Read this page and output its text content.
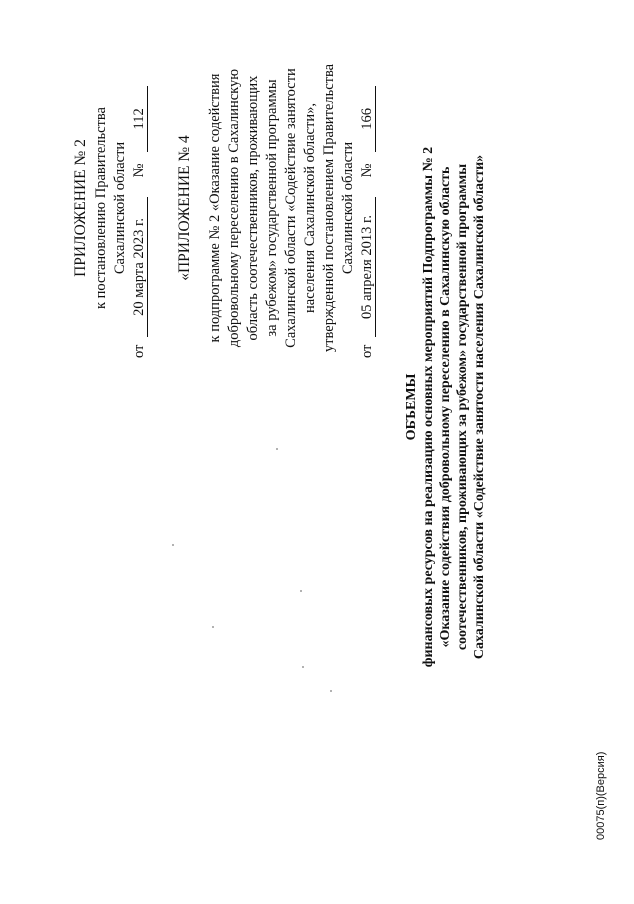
ПРИЛОЖЕНИЕ № 2 к постановлению Правительства Сахалинской области
от 20 марта 2023 г. № 112
«ПРИЛОЖЕНИЕ № 4 к подпрограмме № 2 «Оказание содействия добровольному переселению в Сахалинскую область соотечественников, проживающих за рубежом» государственной программы Сахалинской области «Содействие занятости населения Сахалинской области», утвержденной постановлением Правительства Сахалинской области
от 05 апреля 2013 г. № 166
ОБЪЕМЫ финансовых ресурсов на реализацию основных мероприятий Подпрограммы № 2 «Оказание содействия добровольному переселению в Сахалинскую область соотечественников, проживающих за рубежом» государственной программы Сахалинской области «Содействие занятости населения Сахалинской области»
00075(п)(Версия)
